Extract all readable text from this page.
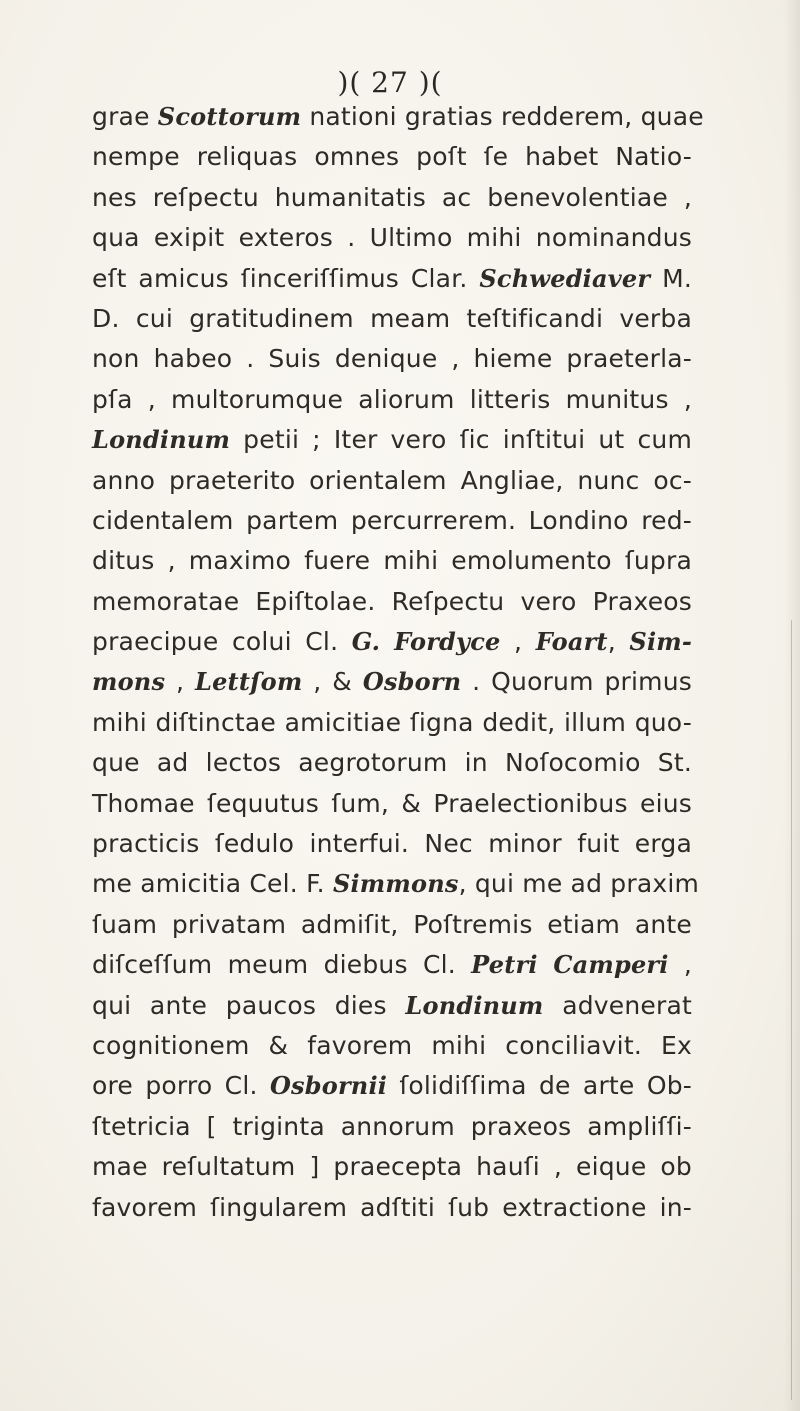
)( 27 )(
grae Scottorum nationi gratias redderem, quae
nempe reliquas omnes poſt ſe habet Natio-
nes reſpectu humanitatis ac benevolentiae ,
qua exipit exteros . Ultimo mihi nominandus
eſt amicus ſinceriſſimus Clar. Schwediaver M.
D. cui gratitudinem meam teſtificandi verba
non habeo . Suis denique , hieme praeterla-
pſa , multorumque aliorum litteris munitus ,
Londinum petii ; Iter vero ſic inſtitui ut cum
anno praeterito orientalem Angliae, nunc oc-
cidentalem partem percurrerem. Londino red-
ditus , maximo fuere mihi emolumento ſupra
memoratae Epiſtolae. Reſpectu vero Praxeos
praecipue colui Cl. G. Fordyce , Foart, Sim-
mons , Lettſom , & Osborn . Quorum primus
mihi diſtinctae amicitiae ſigna dedit, illum quo-
que ad lectos aegrotorum in Noſocomio St.
Thomae ſequutus ſum, & Praelectionibus eius
practicis ſedulo interfui. Nec minor fuit erga
me amicitia Cel. F. Simmons, qui me ad praxim
ſuam privatam admiſit, Poſtremis etiam ante
diſceſſum meum diebus Cl. Petri Camperi ,
qui ante paucos dies Londinum advenerat
cognitionem & favorem mihi conciliavit. Ex
ore porro Cl. Osbornii ſolidiſſima de arte Ob-
ſtetricia [ triginta annorum praxeos ampliſſi-
mae reſultatum ] praecepta hauſi , eique ob
favorem ſingularem adſtiti ſub extractione in-
